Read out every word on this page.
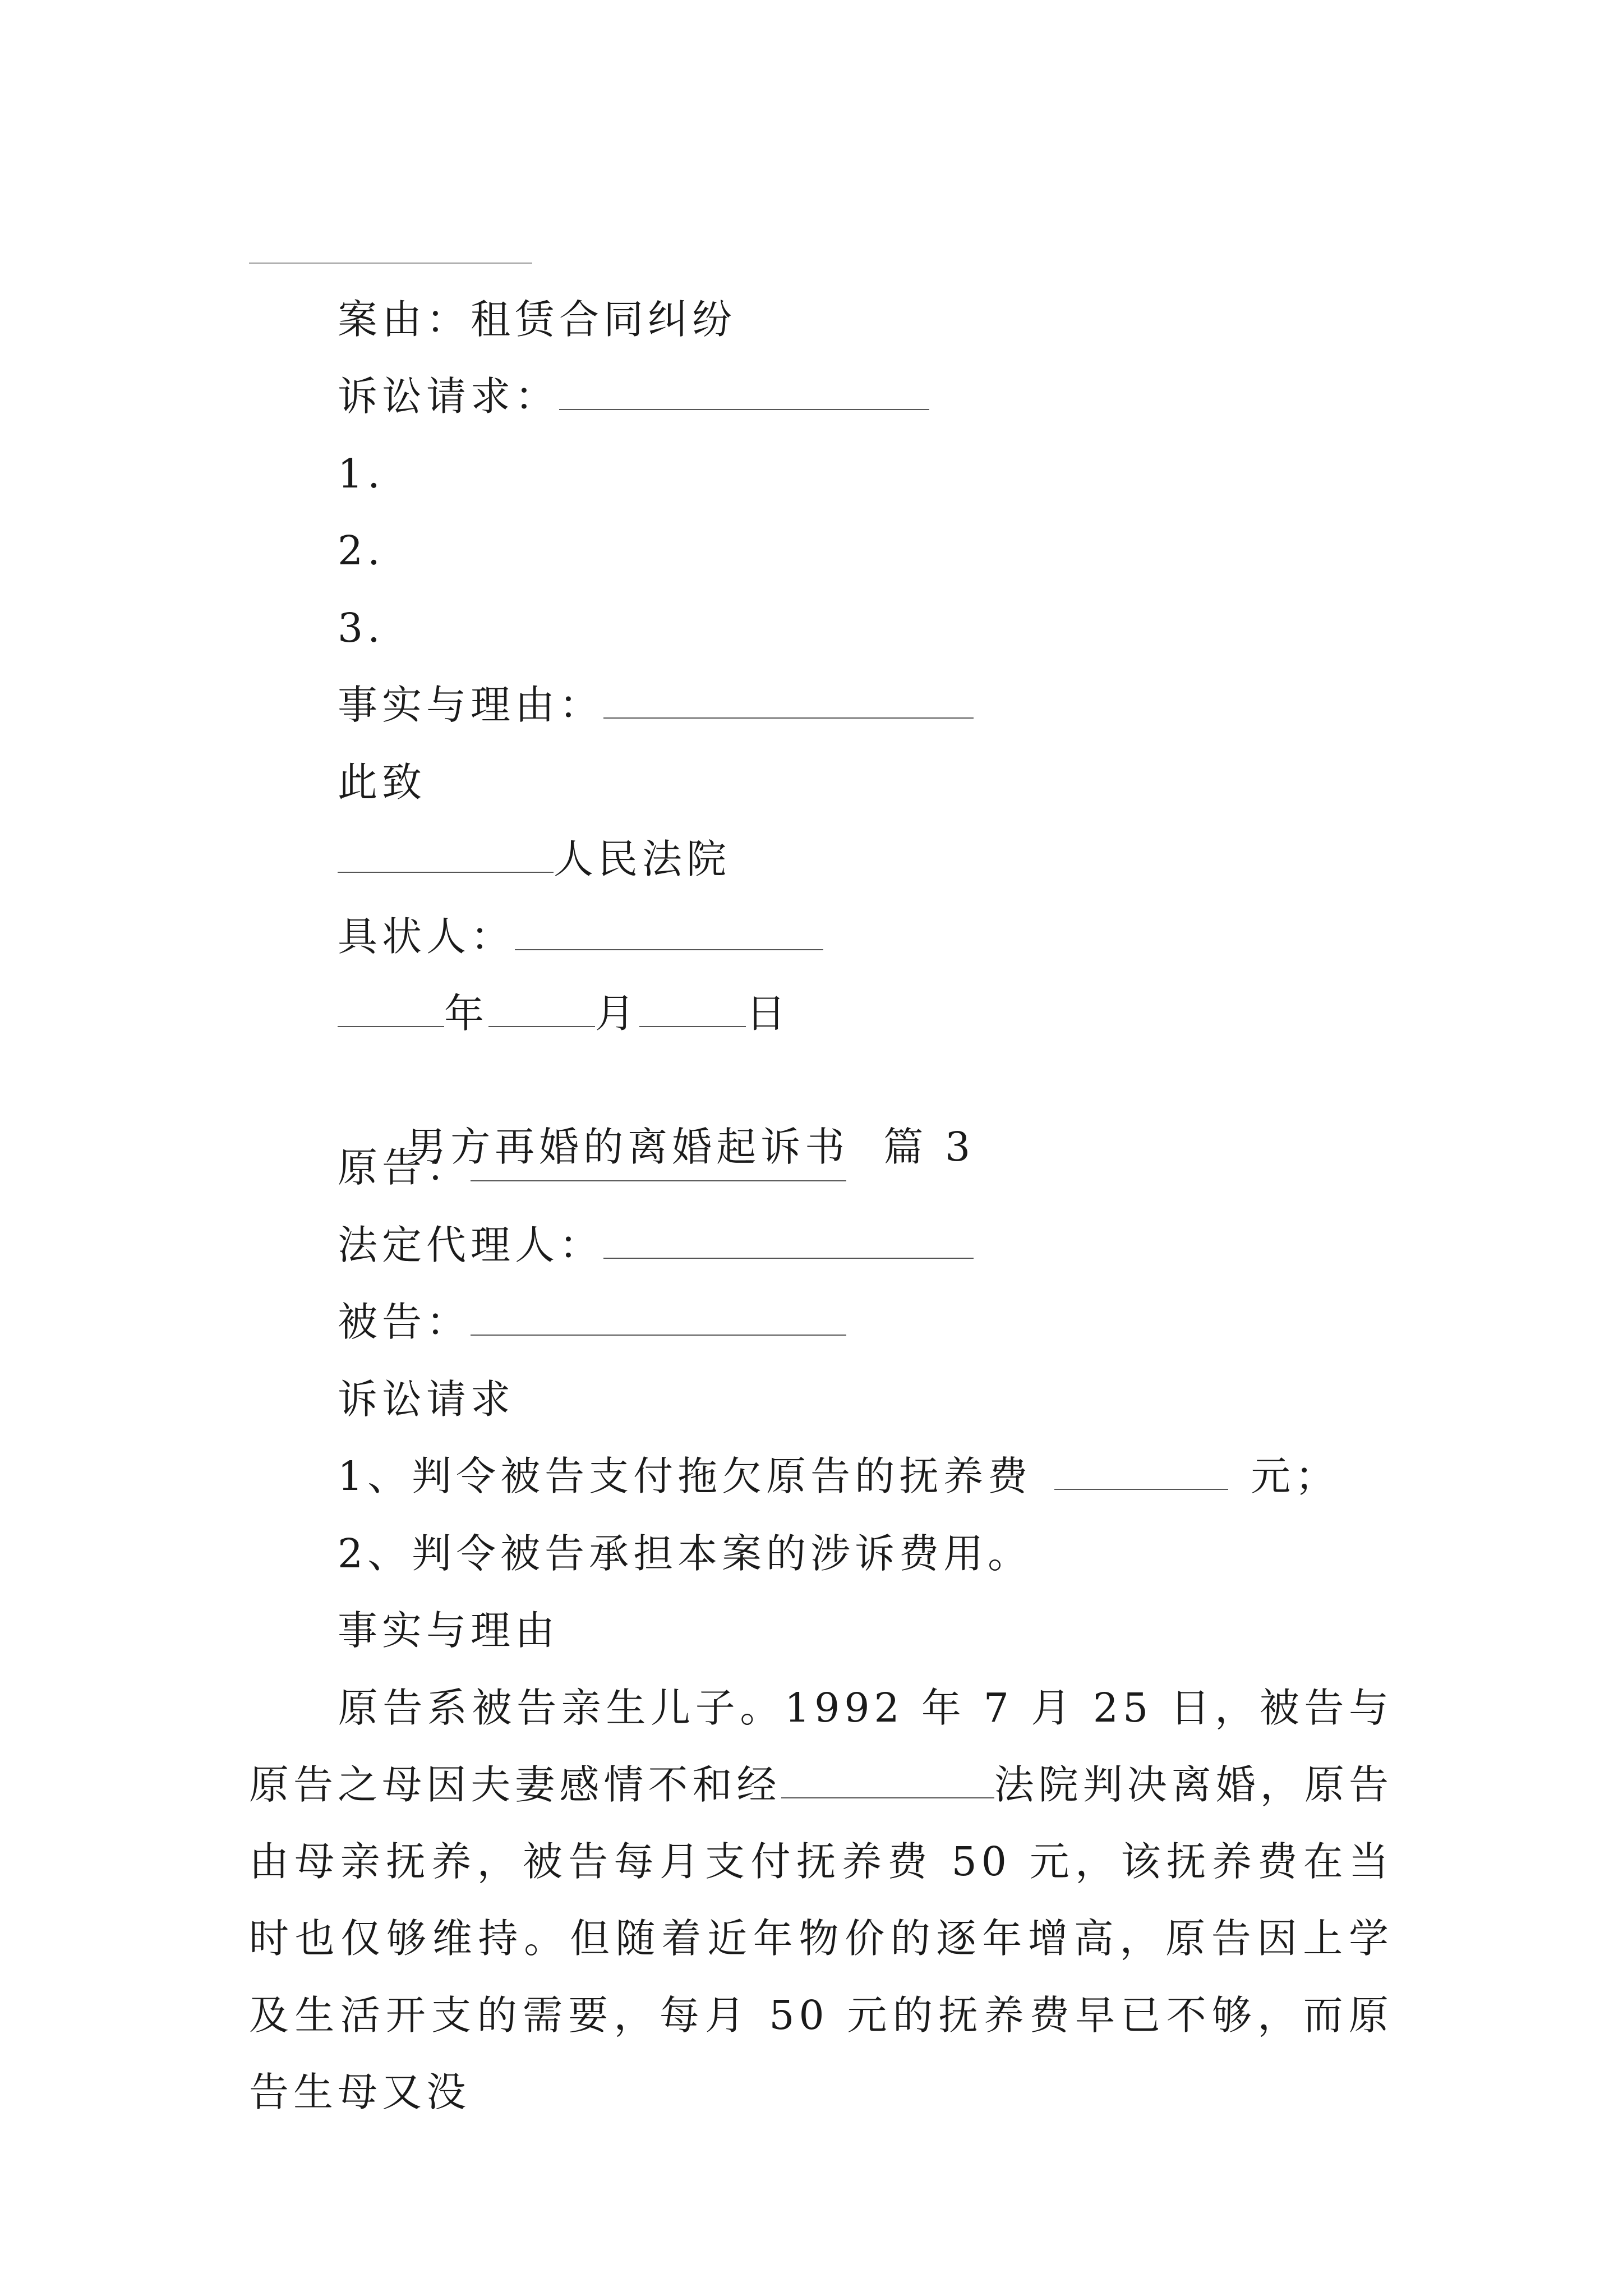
案由：租赁合同纠纷
诉讼请求：
1.
2.
3.
事实与理由：
此致
人民法院
具状人：
年	月	日

男方再婚的离婚起诉书  篇 3

原告：
法定代理人：
被告：
诉讼请求
1、判令被告支付拖欠原告的抚养费	元；
2、判令被告承担本案的涉诉费用。
事实与理由
原告系被告亲生儿子。1992 年 7 月 25 日，被告与原告之母因夫妻感情不和经	法院判决离婚，原告由母亲抚养，被告每月支付抚养费 50 元，该抚养费在当时也仅够维持。但随着近年物价的逐年增高，原告因上学及生活开支的需要，每月 50 元的抚养费早已不够，而原告生母又没
